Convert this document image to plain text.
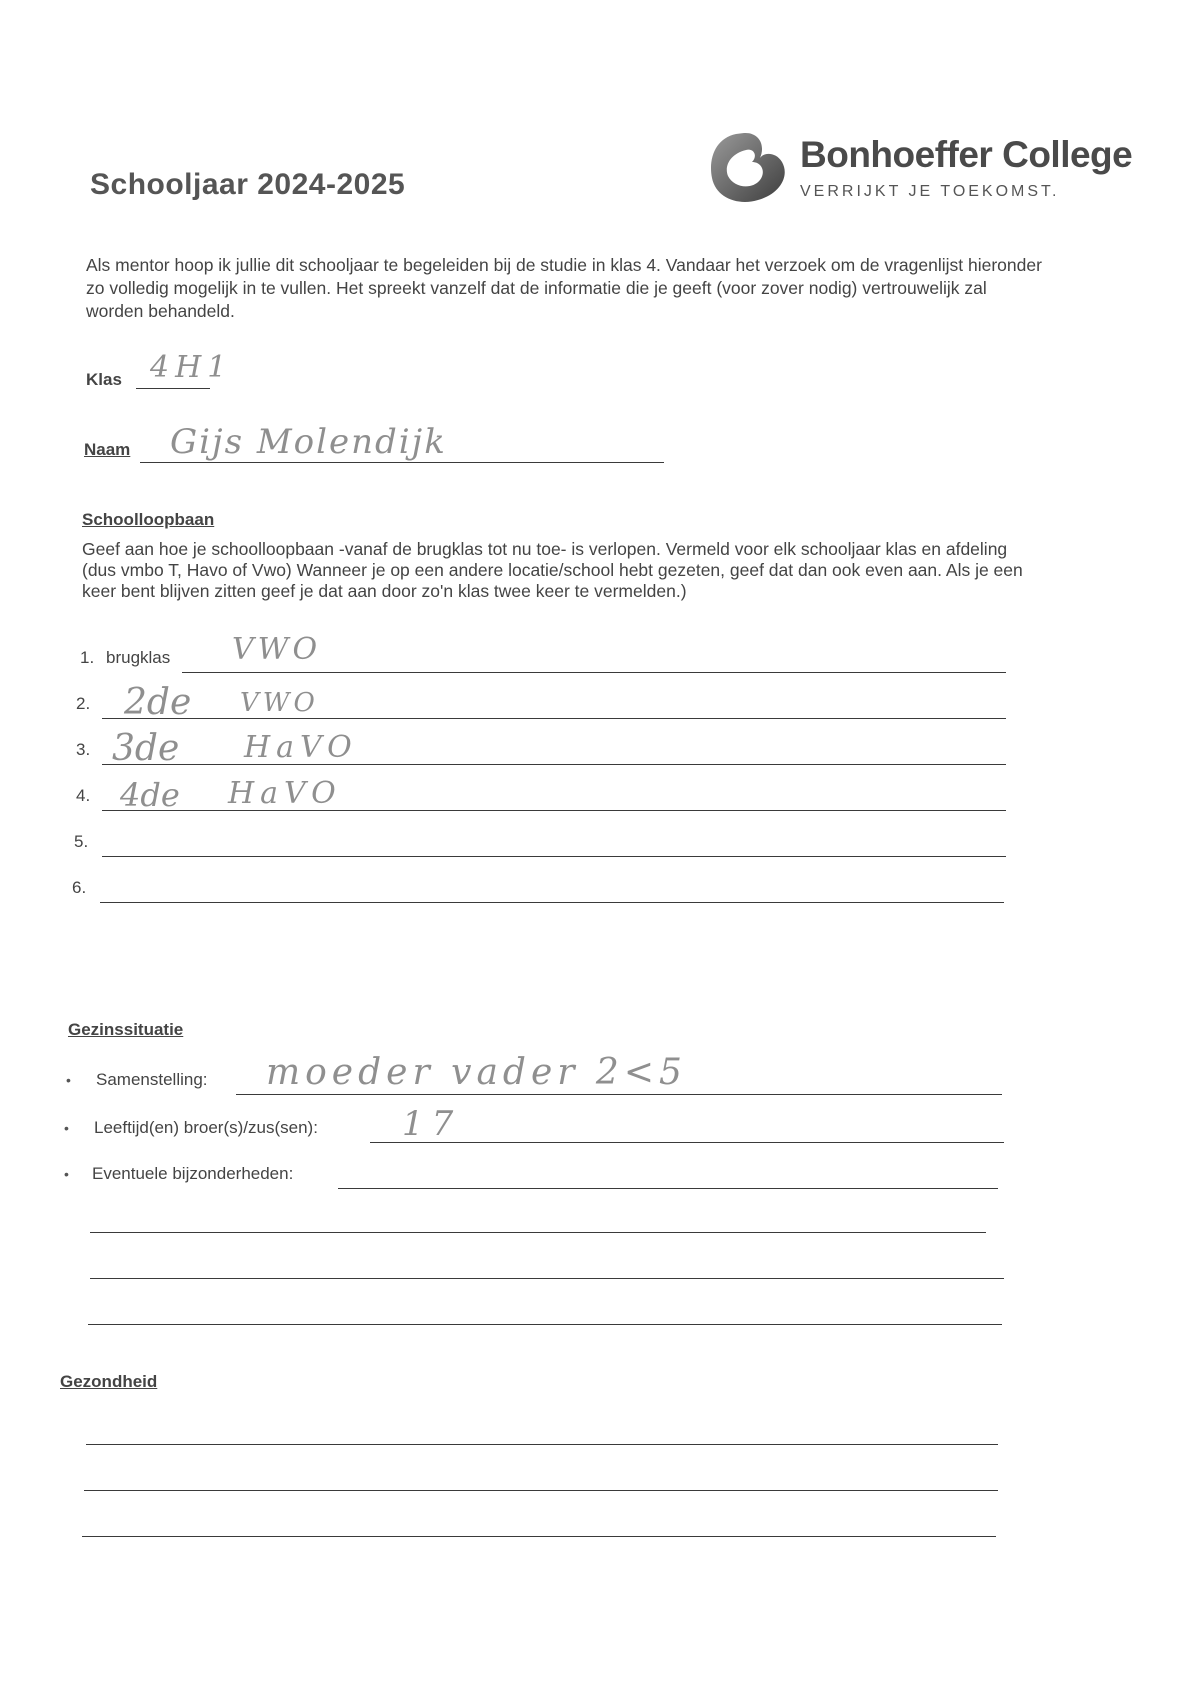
Schooljaar 2024-2025
Bonhoeffer College
VERRIJKT JE TOEKOMST.
Als mentor hoop ik jullie dit schooljaar te begeleiden bij de studie in klas 4. Vandaar het verzoek om de vragenlijst hieronder zo volledig mogelijk in te vullen. Het spreekt vanzelf dat de informatie die je geeft (voor zover nodig) vertrouwelijk zal worden behandeld.
Klas 4H1
Naam Gijs Molendijk
Schoolloopbaan
Geef aan hoe je schoolloopbaan -vanaf de brugklas tot nu toe- is verlopen. Vermeld voor elk schooljaar klas en afdeling (dus vmbo T, Havo of Vwo) Wanneer je op een andere locatie/school hebt gezeten, geef dat dan ook even aan. Als je een keer bent blijven zitten geef je dat aan door zo'n klas twee keer te vermelden.)
1. brugklas VWO
2. 2de VWO
3. 3de HaVO
4. 4de HaVO
5.
6.
Gezinssituatie
• Samenstelling: moeder vader 2<5
• Leeftijd(en) broer(s)/zus(sen): 17
• Eventuele bijzonderheden:
Gezondheid
